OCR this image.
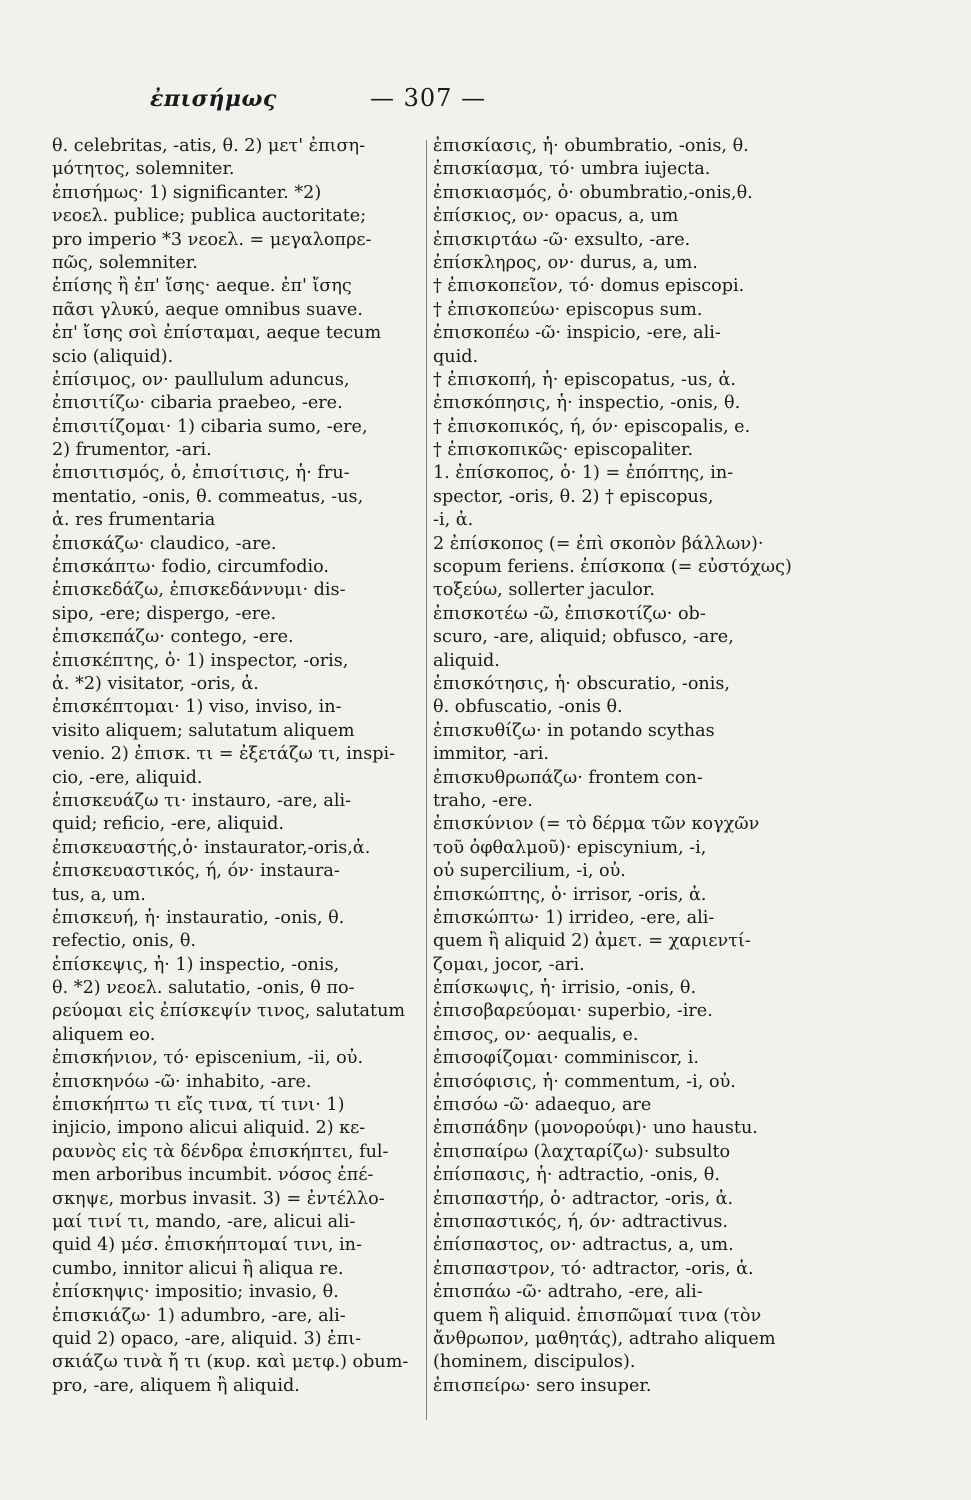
ἐπισήμως	— 307 —
θ. celebritas, -atis, θ. 2) μετ' ἐπιση-
μότητος, solemniter.
ἐπισήμως· 1) significanter. *2)
νεοελ. publice; publica auctoritate;
pro imperio *3 νεοελ. = μεγαλοπρε-
πῶς, solemniter.
ἐπίσης ἢ ἐπ' ἴσης· aeque. ἐπ' ἴσης
πᾶσι γλυκύ, aeque omnibus suave.
ἐπ' ἴσης σοὶ ἐπίσταμαι, aeque tecum
scio (aliquid).
ἐπίσιμος, ον· paullulum aduncus,
ἐπισιτίζω· cibaria praebeo, -ere.
ἐπισιτίζομαι· 1) cibaria sumo, -ere,
2) frumentor, -ari.
ἐπισιτισμός, ὁ, ἐπισίτισις, ἡ· fru-
mentatio, -onis, θ. commeatus, -us,
ἀ. res frumentaria
ἐπισκάζω· claudico, -are.
ἐπισκάπτω· fodio, circumfodio.
ἐπισκεδάζω, ἐπισκεδάννυμι· dis-
sipo, -ere; dispergo, -ere.
ἐπισκεπάζω· contego, -ere.
ἐπισκέπτης, ὁ· 1) inspector, -oris,
ἀ. *2) visitator, -oris, ἀ.
ἐπισκέπτομαι· 1) viso, inviso, in-
visito aliquem; salutatum aliquem
venio. 2) ἐπισκ. τι = ἐξετάζω τι, inspi-
cio, -ere, aliquid.
ἐπισκευάζω τι· instauro, -are, ali-
quid; reficio, -ere, aliquid.
ἐπισκευαστής,ὁ· instaurator,-oris,ἀ.
ἐπισκευαστικός, ή, όν· instaura-
tus, a, um.
ἐπισκευή, ἡ· instauratio, -onis, θ.
refectio, onis, θ.
ἐπίσκεψις, ἡ· 1) inspectio, -onis,
θ. *2) νεοελ. salutatio, -onis, θ πο-
ρεύομαι εἰς ἐπίσκεψίν τινος, salutatum
aliquem eo.
ἐπισκήνιον, τό· episcenium, -ii, οὐ.
ἐπισκηνόω -ῶ· inhabito, -are.
ἐπισκήπτω τι εἴς τινα, τί τινι· 1)
injicio, impono alicui aliquid. 2) κε-
ραυνὸς εἰς τὰ δένδρα ἐπισκήπτει, ful-
men arboribus incumbit. νόσος ἐπέ-
σκηψε, morbus invasit. 3) = ἐντέλλο-
μαί τινί τι, mando, -are, alicui ali-
quid 4) μέσ. ἐπισκήπτομαί τινι, in-
cumbo, innitor alicui ἢ aliqua re.
ἐπίσκηψις· impositio; invasio, θ.
ἐπισκιάζω· 1) adumbro, -are, ali-
quid 2) opaco, -are, aliquid. 3) ἐπι-
σκιάζω τινὰ ἤ τι (κυρ. καὶ μετφ.) obum-
pro, -are, aliquem ἢ aliquid.
ἐπισκίασις, ἡ· obumbratio, -onis, θ.
ἐπισκίασμα, τό· umbra iujecta.
ἐπισκιασμός, ὁ· obumbratio,-onis,θ.
ἐπίσκιος, ον· opacus, a, um
ἐπισκιρτάω -ῶ· exsulto, -are.
ἐπίσκληρος, ον· durus, a, um.
† ἐπισκοπεῖον, τό· domus episcopi.
† ἐπισκοπεύω· episcopus sum.
ἐπισκοπέω -ῶ· inspicio, -ere, ali-
quid.
† ἐπισκοπή, ἡ· episcopatus, -us, ἀ.
ἐπισκόπησις, ἡ· inspectio, -onis, θ.
† ἐπισκοπικός, ή, όν· episcopalis, e.
† ἐπισκοπικῶς· episcopaliter.
1. ἐπίσκοπος, ὁ· 1) = ἐπόπτης, in-
spector, -oris, θ. 2) † episcopus,
-i, ἀ.
2 ἐπίσκοπος (= ἐπὶ σκοπὸν βάλλων)·
scopum feriens. ἐπίσκοπα (= εὐστόχως)
τοξεύω, sollerter jaculor.
ἐπισκοτέω -ῶ, ἐπισκοτίζω· ob-
scuro, -are, aliquid; obfusco, -are,
aliquid.
ἐπισκότησις, ἡ· obscuratio, -onis,
θ. obfuscatio, -onis θ.
ἐπισκυθίζω· in potando scythas
immitor, -ari.
ἐπισκυθρωπάζω· frontem con-
traho, -ere.
ἐπισκύνιον (= τὸ δέρμα τῶν κογχῶν
τοῦ ὀφθαλμοῦ)· episcynium, -i,
οὐ supercilium, -i, οὐ.
ἐπισκώπτης, ὁ· irrisor, -oris, ἀ.
ἐπισκώπτω· 1) irrideo, -ere, ali-
quem ἢ aliquid 2) ἀμετ. = χαριεντί-
ζομαι, jocor, -ari.
ἐπίσκωψις, ἡ· irrisio, -onis, θ.
ἐπισοβαρεύομαι· superbio, -ire.
ἐπισος, ον· aequalis, e.
ἐπισοφίζομαι· comminiscor, i.
ἐπισόφισις, ἡ· commentum, -i, οὐ.
ἐπισόω -ῶ· adaequo, are
ἐπισπάδην (μονορούφι)· uno haustu.
ἐπισπαίρω (λαχταρίζω)· subsulto
ἐπίσπασις, ἡ· adtractio, -onis, θ.
ἐπισπαστήρ, ὁ· adtractor, -oris, ἀ.
ἐπισπαστικός, ή, όν· adtractivus.
ἐπίσπαστος, ον· adtractus, a, um.
ἐπισπαστρον, τό· adtractor, -oris, ἀ.
ἐπισπάω -ῶ· adtraho, -ere, ali-
quem ἢ aliquid. ἐπισπῶμαί τινα (τὸν
ἄνθρωπον, μαθητάς), adtraho aliquem
(hominem, discipulos).
ἐπισπείρω· sero insuper.
